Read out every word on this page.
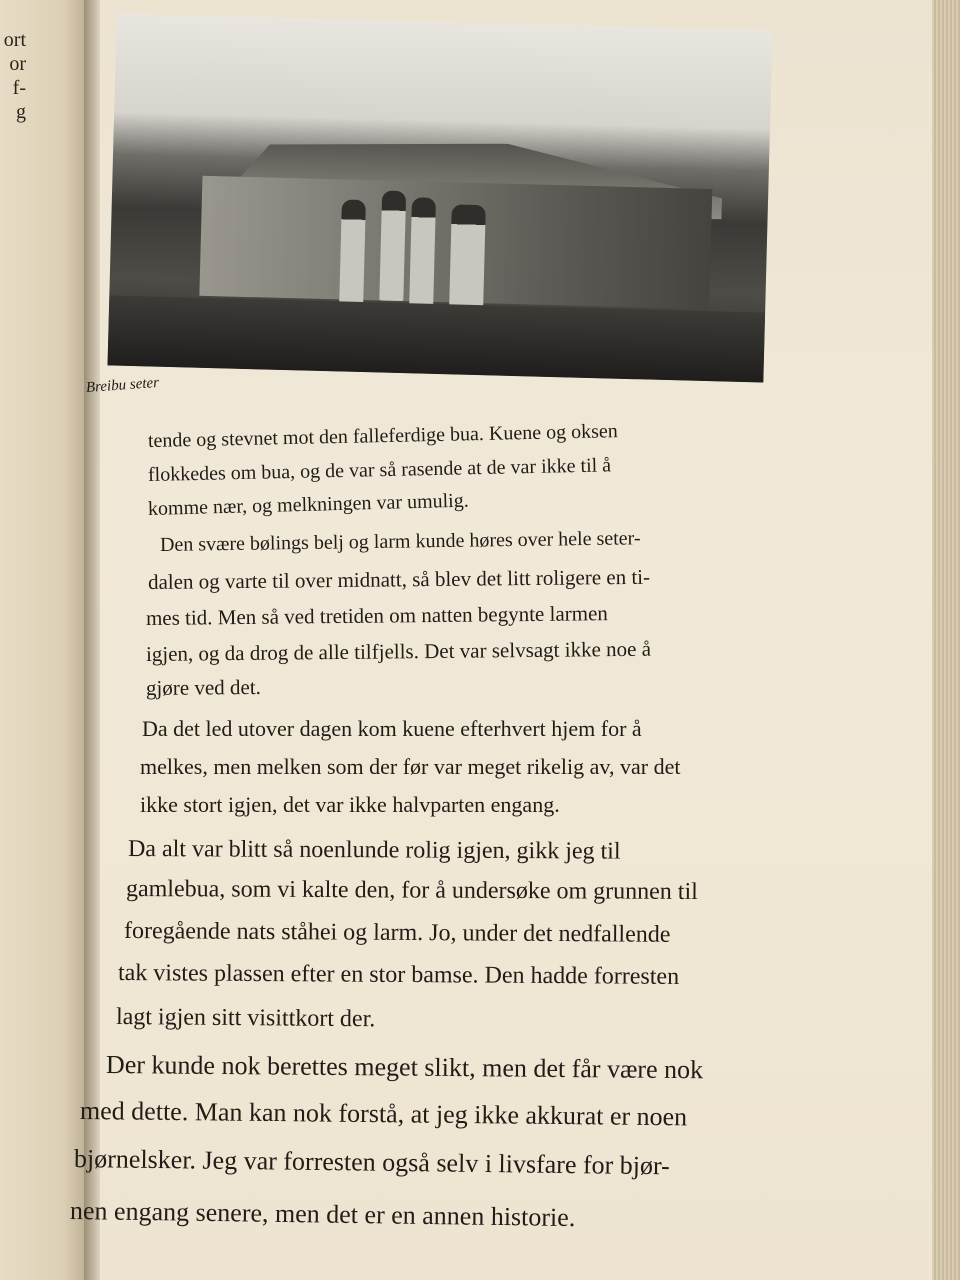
ort
or
f-
g
Breibu seter
tende og stevnet mot den falleferdige bua. Kuene og oksen
flokkedes om bua, og de var så rasende at de var ikke til å
komme nær, og melkningen var umulig.
Den svære bølings belj og larm kunde høres over hele seter-
dalen og varte til over midnatt, så blev det litt roligere en ti-
mes tid. Men så ved tretiden om natten begynte larmen
igjen, og da drog de alle tilfjells. Det var selvsagt ikke noe å
gjøre ved det.
Da det led utover dagen kom kuene efterhvert hjem for å
melkes, men melken som der før var meget rikelig av, var det
ikke stort igjen, det var ikke halvparten engang.
Da alt var blitt så noenlunde rolig igjen, gikk jeg til
gamlebua, som vi kalte den, for å undersøke om grunnen til
foregående nats ståhei og larm. Jo, under det nedfallende
tak vistes plassen efter en stor bamse. Den hadde forresten
lagt igjen sitt visittkort der.
Der kunde nok berettes meget slikt, men det får være nok
med dette. Man kan nok forstå, at jeg ikke akkurat er noen
bjørnelsker. Jeg var forresten også selv i livsfare for bjør-
nen engang senere, men det er en annen historie.
